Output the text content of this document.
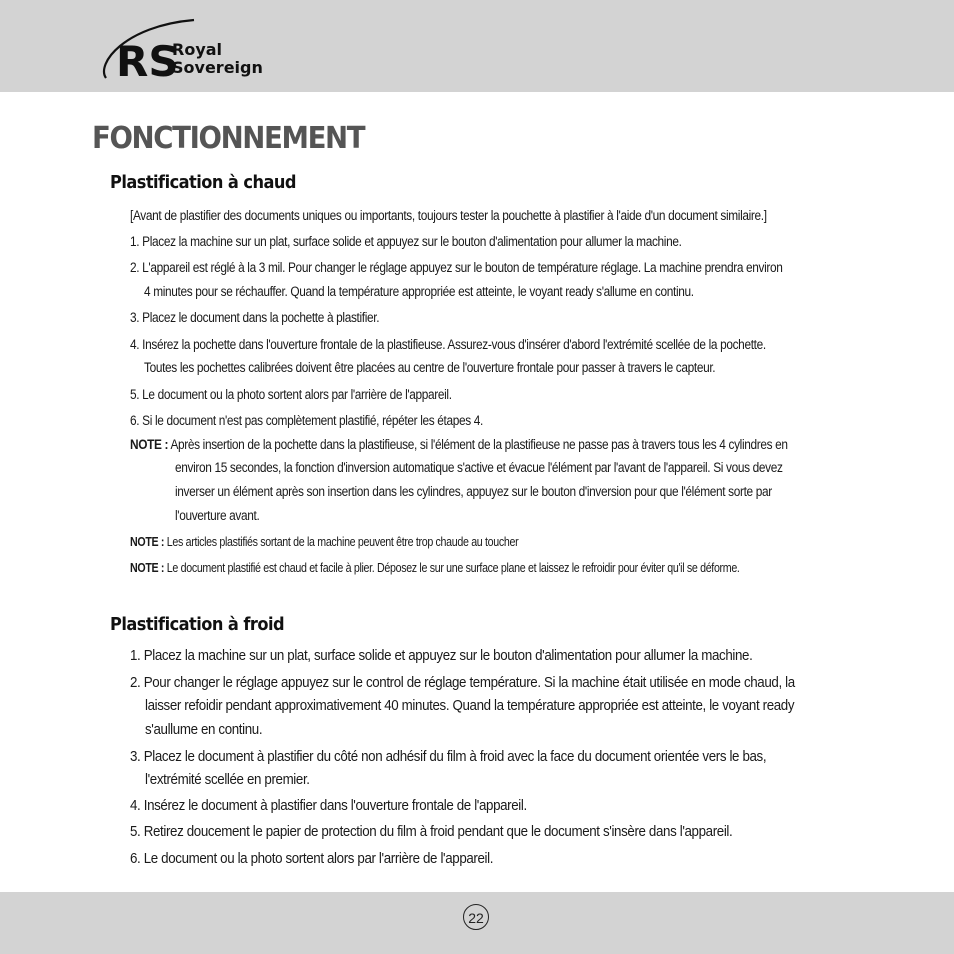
RS
Royal
Sovereign
FONCTIONNEMENT
Plastification à chaud

[Avant de plastifier des documents uniques ou importants, toujours tester la pouchette à plastifier à l'aide d'un document similaire.]

1. Placez la machine sur un plat, surface solide et appuyez sur le bouton d'alimentation pour allumer la machine.

2. L'appareil est réglé à la 3 mil. Pour changer le réglage appuyez sur le bouton de température réglage. La machine prendra environ

4 minutes pour se réchauffer. Quand la température appropriée est atteinte, le voyant ready s'allume en continu.

3. Placez le document dans la pochette à plastifier.

4. Insérez la pochette dans l'ouverture frontale de la plastifieuse. Assurez-vous d'insérer d'abord l'extrémité scellée de la pochette.

Toutes les pochettes calibrées doivent être placées au centre de l'ouverture frontale pour passer à travers le capteur.

5. Le document ou la photo sortent alors par l'arrière de l'appareil.

6. Si le document n'est pas complètement plastifié, répéter les étapes 4.

NOTE : Après insertion de la pochette dans la plastifieuse, si l'élément de la plastifieuse ne passe pas à travers tous les 4 cylindres en

environ 15 secondes, la fonction d'inversion automatique s'active et évacue l'élément par l'avant de l'appareil. Si vous devez

inverser un élément après son insertion dans les cylindres, appuyez sur le bouton d'inversion pour que l'élément sorte par

l'ouverture avant.

NOTE : Les articles plastifiés sortant de la machine peuvent être trop chaude au toucher

NOTE : Le document plastifié est chaud et facile à plier. Déposez le sur une surface plane et laissez le refroidir pour éviter qu'il se déforme.

Plastification à froid

1. Placez la machine sur un plat, surface solide et appuyez sur le bouton d'alimentation pour allumer la machine.

2. Pour changer le réglage appuyez sur le control de réglage température. Si la machine était utilisée en mode chaud, la

laisser refoidir pendant approximativement 40 minutes. Quand la température appropriée est atteinte, le voyant ready

s'aullume en continu.

3. Placez le document à plastifier du côté non adhésif du film à froid avec la face du document orientée vers le bas,

l'extrémité scellée en premier.

4. Insérez le document à plastifier dans l'ouverture frontale de l'appareil.

5. Retirez doucement le papier de protection du film à froid pendant que le document s'insère dans l'appareil.

6. Le document ou la photo sortent alors par l'arrière de l'appareil.

22
